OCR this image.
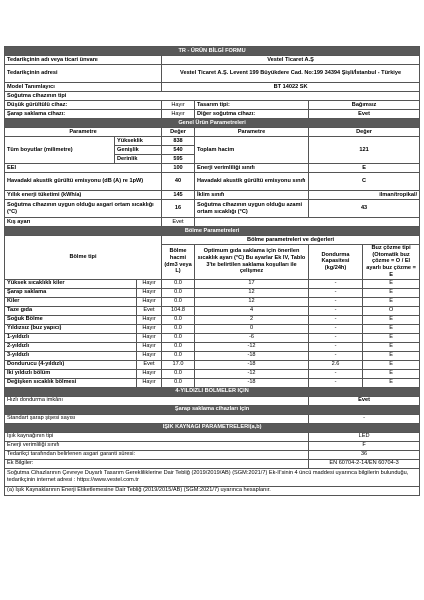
TR - ÜRÜN BİLGİ FORMU						
Tedarikçinin adı veya ticari ünvanı			Vestel Ticaret A.Ş			
Tedarikçinin adresi			Vestel Ticaret A.Ş. Levent 199 Büyükdere Cad. No:199 34394 Şişli/İstanbul - Türkiye			
Model Tanımlayıcı			BT 14022 SK			
Soğutma cihazının tipi						
Düşük gürültülü cihaz:			Hayır	Tasarım tipi:	Bağımsız	
Şarap saklama cihazı:			Hayır	Diğer soğutma cihazı:	Evet	
Genel Ürün Parametreleri						
Parametre			Değer	Parametre	Değer	
Tüm boyutlar (milimetre)	Yükseklik		838	Toplam hacim	121	
	Genişlik		540			
	Derinlik		595			
EEI			100	Enerji verimliliği sınıfı	E	
Havadaki akustik gürültü emisyonu (dB (A) re 1pW)			40	Havadaki akustik gürültü emisyonu sınıfı	C	
Yıllık enerji tüketimi (kWh/a)			145	İklim sınıfı	ilman/tropikal/	
Soğutma cihazının uygun olduğu asgari ortam sıcaklığı (°C)			16	Soğutma cihazının uygun olduğu azami ortam sıcaklığı (°C)	43	
Kış ayarı			Evet			
Bölme Parametreleri						
Bölme tipi			Bölme parametreleri ve değerleri			
			Bölme hacmi (dm3 veya L)	Optimum gıda saklama için önerilen sıcaklık ayarı (°C) Bu ayarlar Ek IV, Tablo 3'te belirtilen saklama koşulları ile çelişmez	Dondurma Kapasitesi (kg/24h)	Buz çözme tipi (Otomatik buz çözme = O / El ayarlı buz çözme = E
Yüksek sıcaklıklı kiler		Hayır	0.0	17	-	E
Şarap saklama		Hayır	0.0	12	-	E
Kiler		Hayır	0.0	12	-	E
Taze gıda		Evet	104.8	4	-	O
Soğuk Bölme		Hayır	0.0	2	-	E
Yıldızsız (buz yapıcı)		Hayır	0.0	0	-	E
1-yıldızlı		Hayır	0.0	-6	-	E
2-yıldızlı		Hayır	0.0	-12	-	E
3-yıldızlı		Hayır	0.0	-18	-	E
Dondurucu (4-yıldızlı)		Evet	17.0	-18	2.6	E
İki yıldızlı bölüm		Hayır	0.0	-12	-	E
Değişken sıcaklık bölmesi		Hayır	0.0	-18	-	E
4-YILDIZLI BÖLMELER İÇİN						
Hızlı dondurma imkânı					Evet	
Şarap saklama cihazları için						
Standart şarap şişesi sayısı					-	
IŞIK KAYNAĞI PARAMETRELERİ(a,b)						
Işık kaynağının tipi					LED	
Enerji verimliliği sınıfı					F	
Tedarikçi tarafından belirlenen asgari garanti süresi:					36	
Ek Bilgiler:					EN 60704-2-14/EN 60704-3	
Soğutma Cihazlarının Çevreye Duyarlı Tasarım Gerekliliklerine Dair Tebliğ (2019/2019/AB) (SGM:2021/7) Ek-II'sinin 4 üncü maddesi uyarınca bilgilerin bulunduğu, tedarikçinin internet adresi : https://www.vestel.com.tr						
(a) Işık Kaynaklarının Enerji Etiketlemesine Dair Tebliğ (2019/2015/AB) (SGM:2021/7) uyarınca hesaplanır.						
